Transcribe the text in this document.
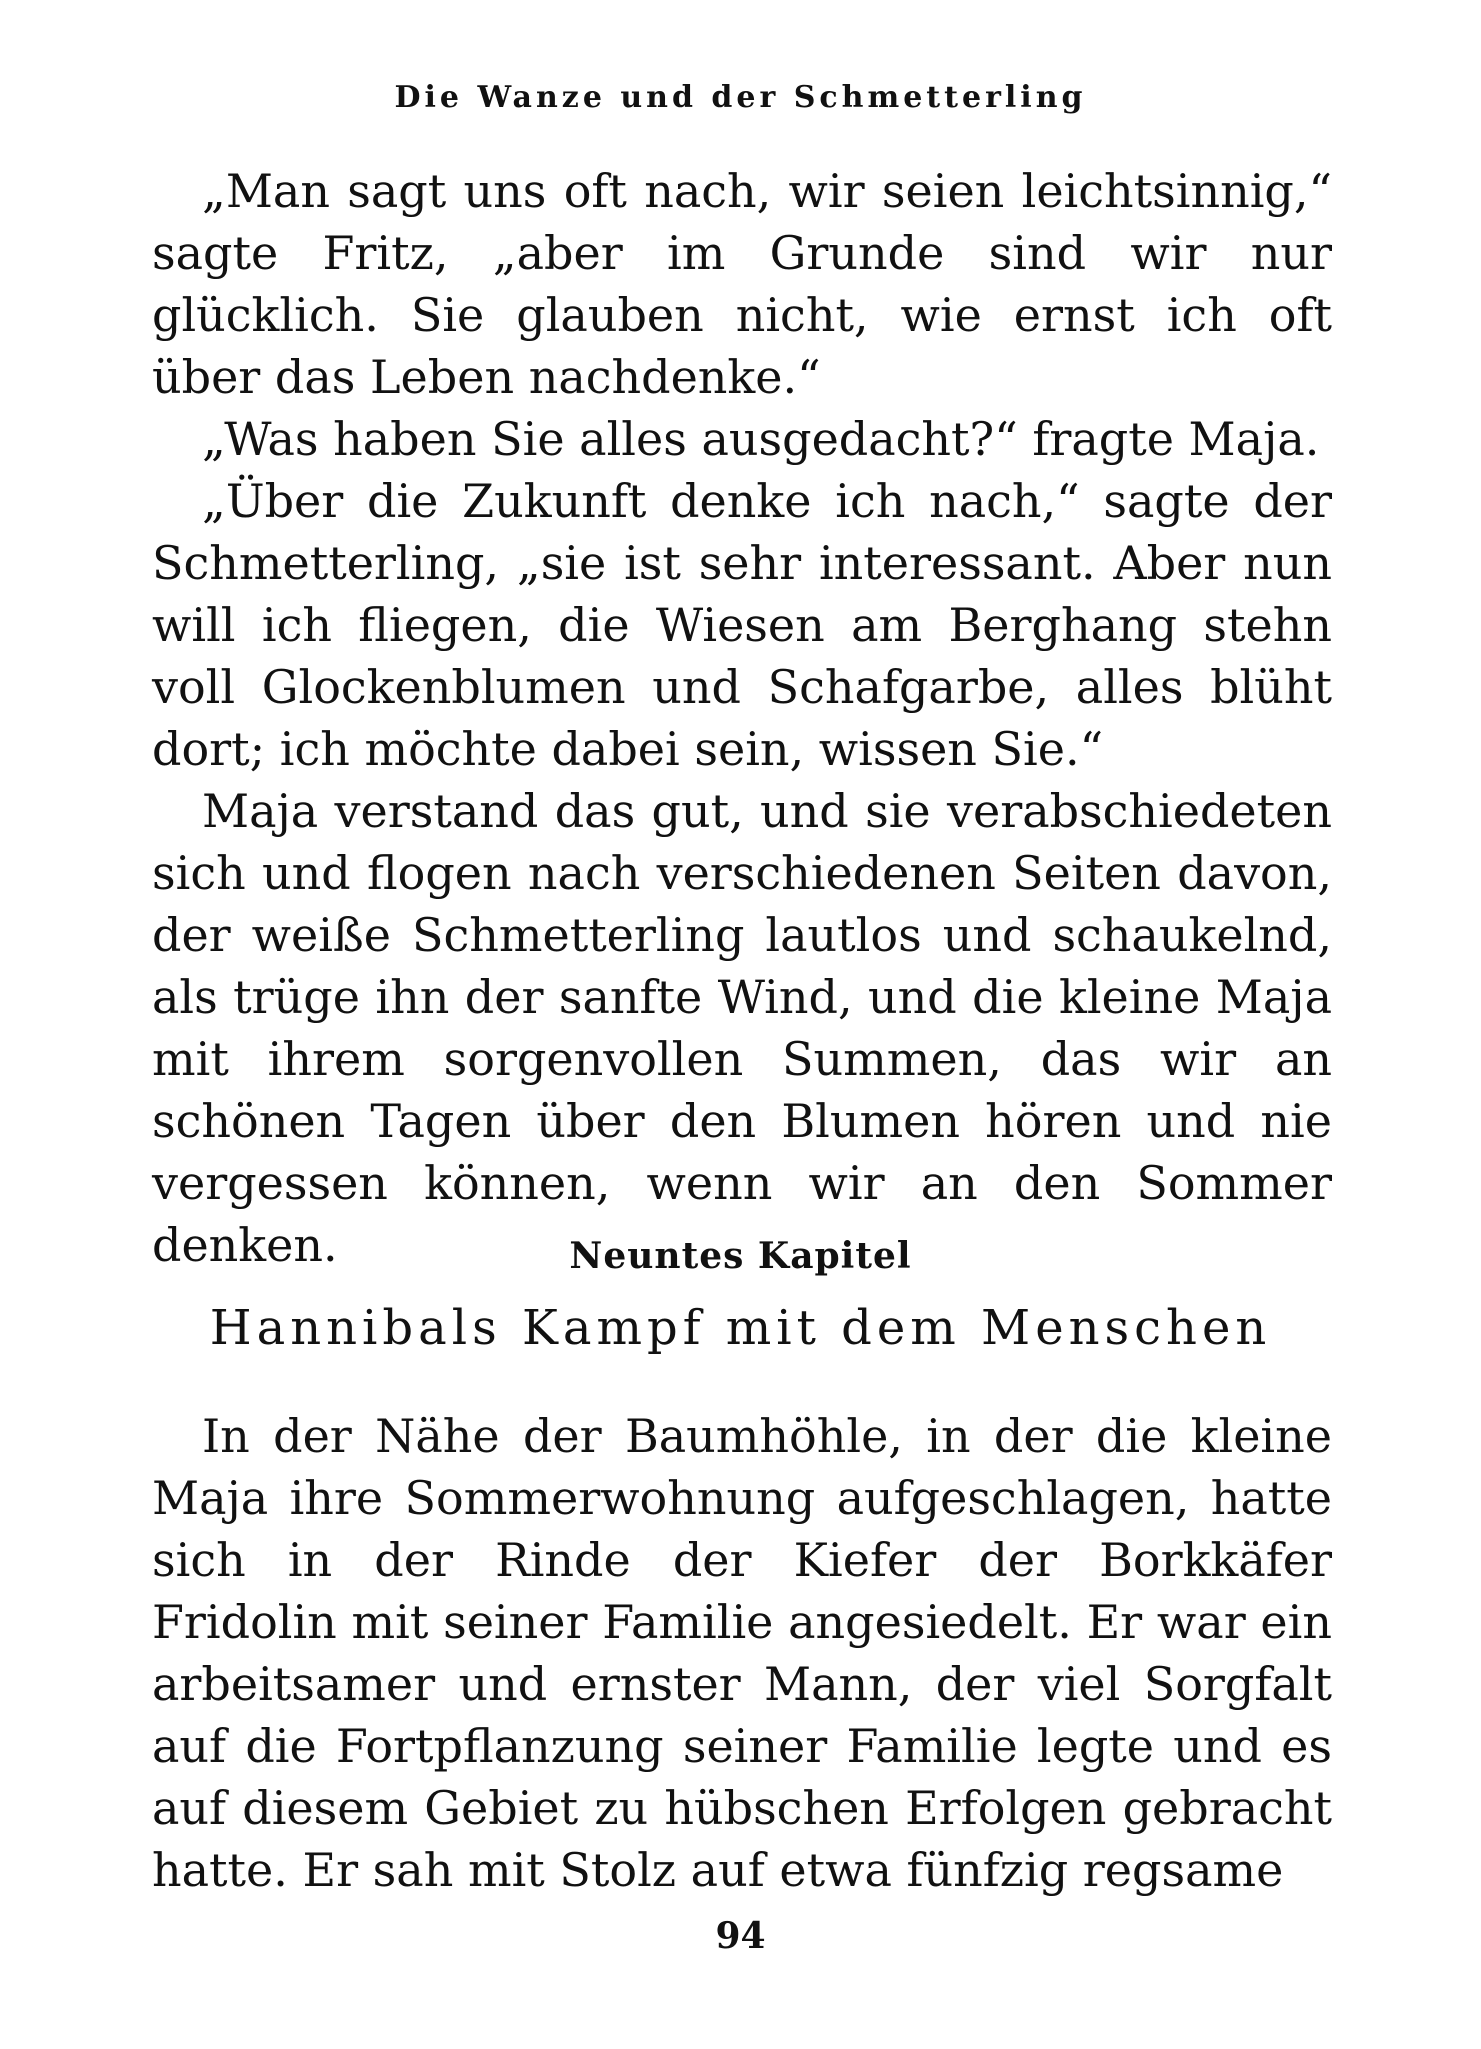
Die Wanze und der Schmetterling

„Man sagt uns oft nach, wir seien leichtsinnig,“ sagte Fritz, „aber im Grunde sind wir nur glücklich. Sie glauben nicht, wie ernst ich oft über das Leben nachdenke.“

„Was haben Sie alles ausgedacht?“ fragte Maja.

„Über die Zukunft denke ich nach,“ sagte der Schmetterling, „sie ist sehr interessant. Aber nun will ich fliegen, die Wiesen am Berghang stehn voll Glockenblumen und Schafgarbe, alles blüht dort; ich möchte dabei sein, wissen Sie.“

Maja verstand das gut, und sie verabschiedeten sich und flogen nach verschiedenen Seiten davon, der weiße Schmetterling lautlos und schaukelnd, als trüge ihn der sanfte Wind, und die kleine Maja mit ihrem sorgenvollen Summen, das wir an schönen Tagen über den Blumen hören und nie vergessen können, wenn wir an den Sommer denken.	Neuntes Kapitel
Hannibals Kampf mit dem Menschen

In der Nähe der Baumhöhle, in der die kleine Maja ihre Sommerwohnung aufgeschlagen, hatte sich in der Rinde der Kiefer der Borkkäfer Fridolin mit seiner Familie angesiedelt. Er war ein arbeitsamer und ernster Mann, der viel Sorgfalt auf die Fortpflanzung seiner Familie legte und es auf diesem Gebiet zu hübschen Erfolgen gebracht hatte. Er sah mit Stolz auf etwa fünfzig regsame

94
